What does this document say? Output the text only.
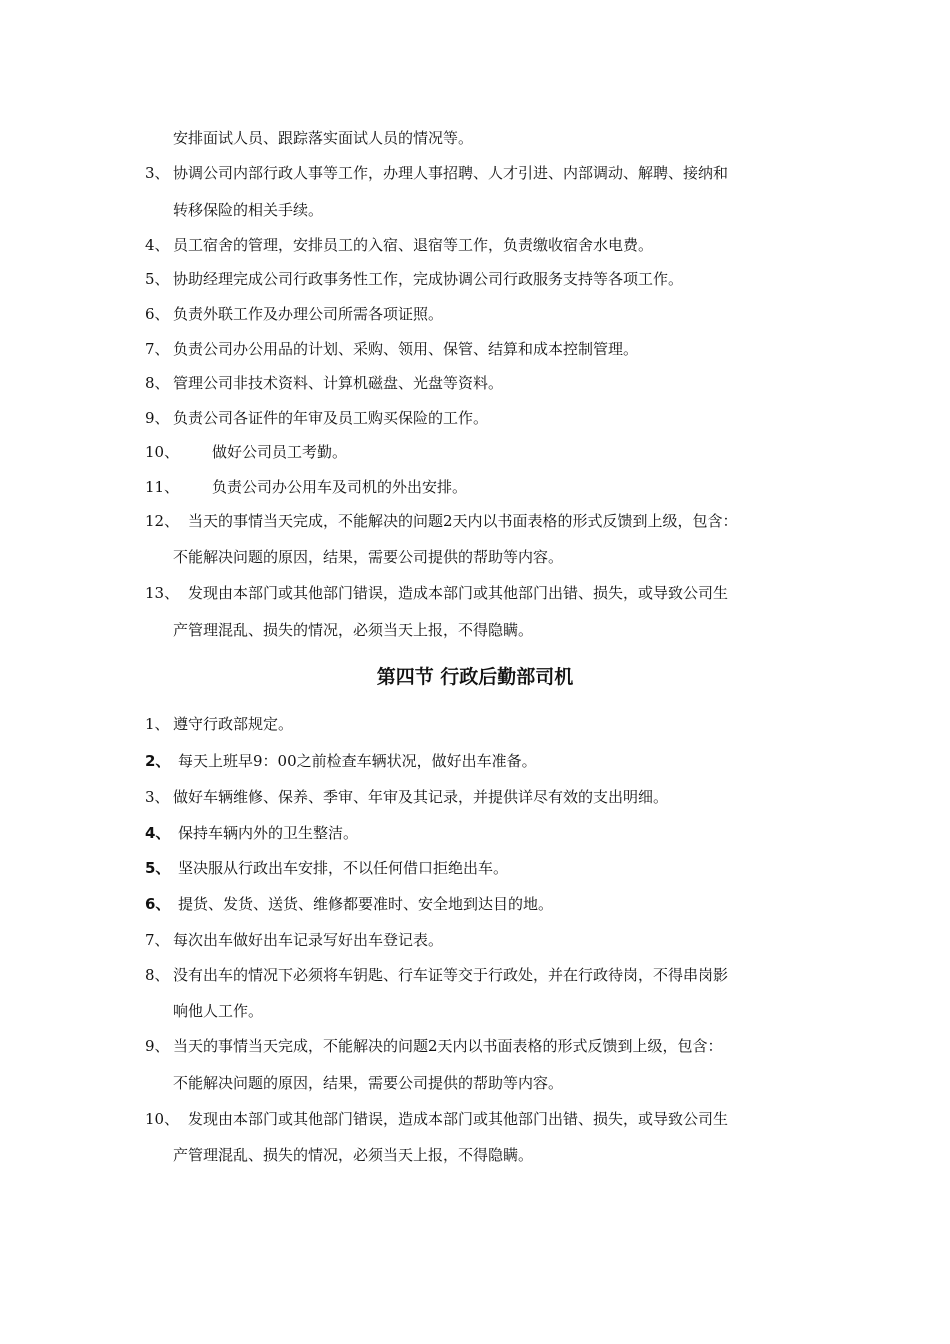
安排面试人员、跟踪落实面试人员的情况等。
3、 协调公司内部行政人事等工作，办理人事招聘、人才引进、内部调动、解聘、接纳和
转移保险的相关手续。
4、 员工宿舍的管理，安排员工的入宿、退宿等工作，负责缴收宿舍水电费。
5、 协助经理完成公司行政事务性工作，完成协调公司行政服务支持等各项工作。
6、 负责外联工作及办理公司所需各项证照。
7、 负责公司办公用品的计划、采购、领用、保管、结算和成本控制管理。
8、 管理公司非技术资料、计算机磁盘、光盘等资料。
9、 负责公司各证件的年审及员工购买保险的工作。
10、 做好公司员工考勤。
11、 负责公司办公用车及司机的外出安排。
12、 当天的事情当天完成，不能解决的问题2天内以书面表格的形式反馈到上级，包含：
不能解决问题的原因，结果，需要公司提供的帮助等内容。
13、 发现由本部门或其他部门错误，造成本部门或其他部门出错、损失，或导致公司生
产管理混乱、损失的情况，必须当天上报，不得隐瞒。
第四节 行政后勤部司机
1、 遵守行政部规定。
2、 每天上班早9：00之前检查车辆状况，做好出车准备。
3、 做好车辆维修、保养、季审、年审及其记录，并提供详尽有效的支出明细。
4、 保持车辆内外的卫生整洁。
5、 坚决服从行政出车安排，不以任何借口拒绝出车。
6、 提货、发货、送货、维修都要准时、安全地到达目的地。
7、 每次出车做好出车记录写好出车登记表。
8、 没有出车的情况下必须将车钥匙、行车证等交于行政处，并在行政待岗，不得串岗影
响他人工作。
9、 当天的事情当天完成，不能解决的问题2天内以书面表格的形式反馈到上级，包含：
不能解决问题的原因，结果，需要公司提供的帮助等内容。
10、 发现由本部门或其他部门错误，造成本部门或其他部门出错、损失，或导致公司生
产管理混乱、损失的情况，必须当天上报，不得隐瞒。
